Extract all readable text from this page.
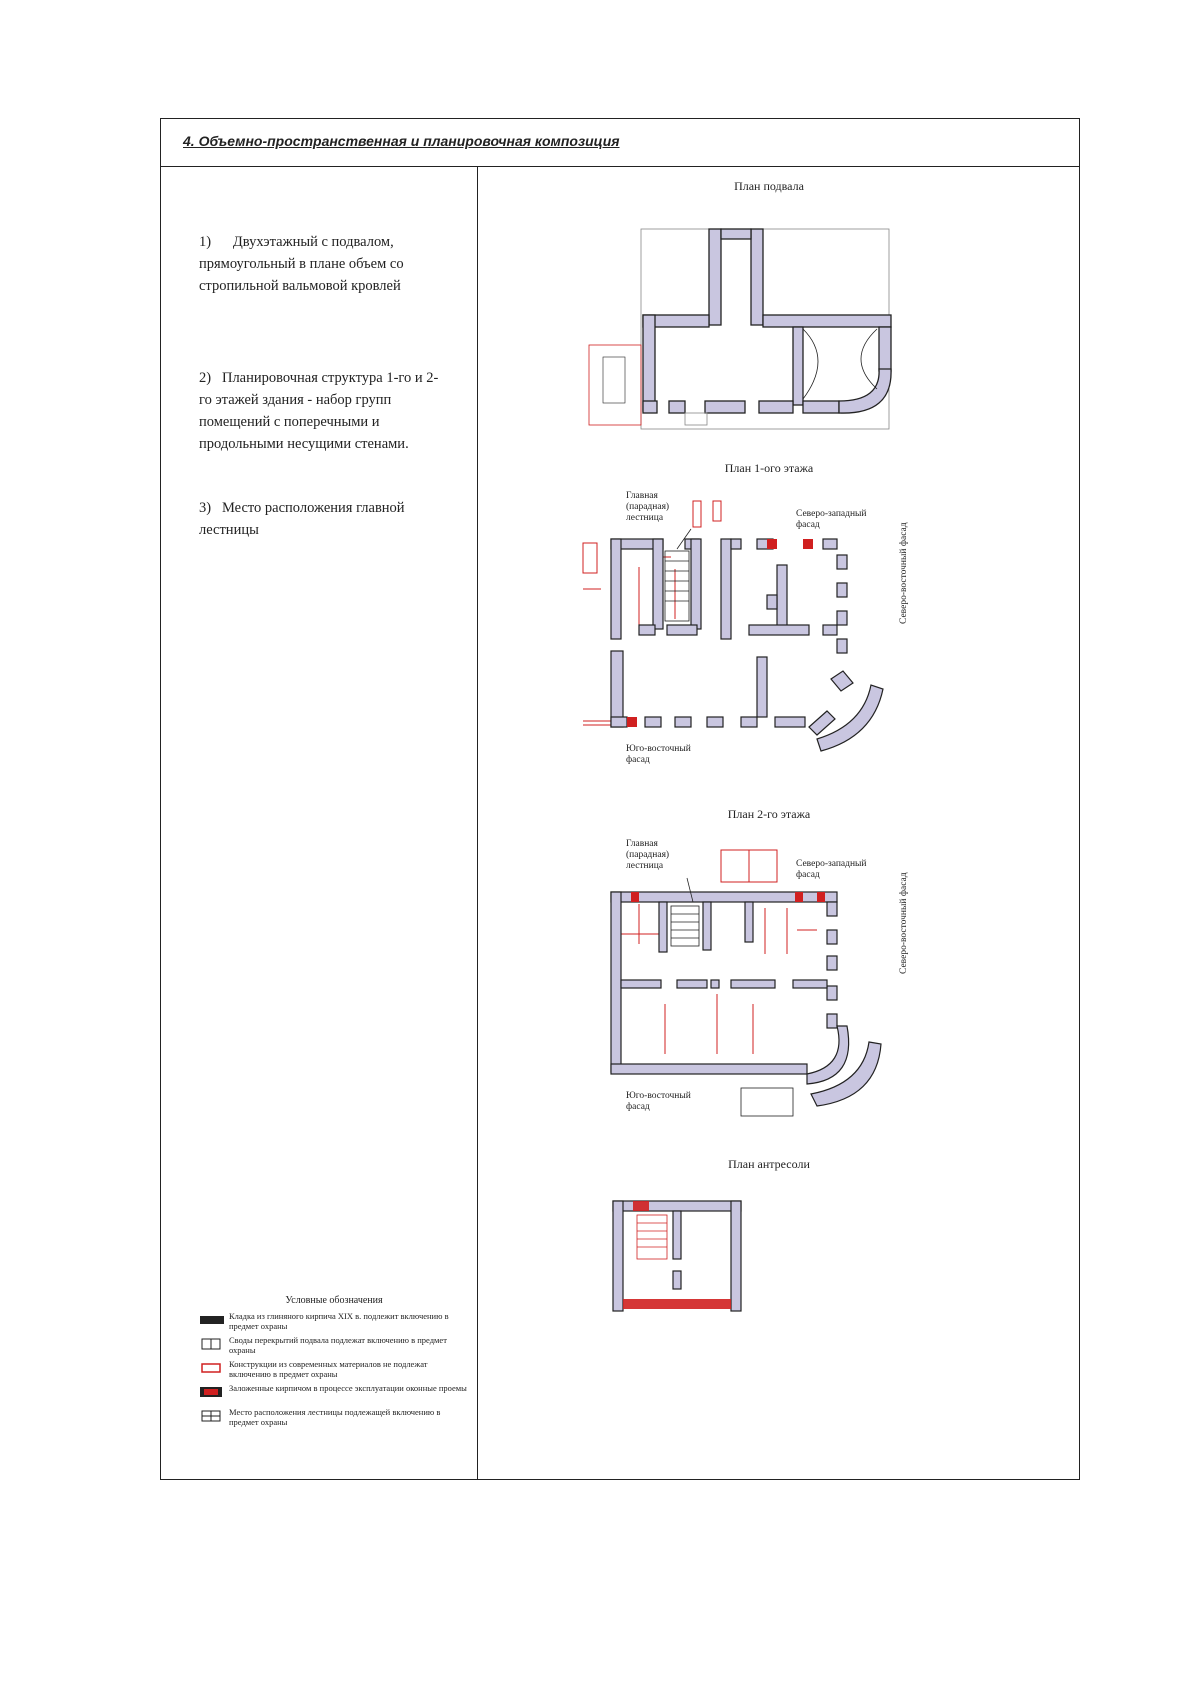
4. Объемно-пространственная и планировочная композиция
1) Двухэтажный с подвалом, прямоугольный в плане объем со стропильной вальмовой кровлей
2) Планировочная структура 1-го и 2-го этажей здания - набор групп помещений с поперечными и продольными несущими стенами.
3) Место расположения главной лестницы
Условные обозначения
Кладка из глиняного кирпича XIX в. подлежит включению в предмет охраны
Своды перекрытий подвала подлежат включению в предмет охраны
Конструкции из современных материалов не подлежат включению в предмет охраны
Заложенные кирпичом в процессе эксплуатации оконные проемы
Место расположения лестницы подлежащей включению в предмет охраны
План подвала
План 1-ого этажа
Главная (парадная) лестница	Северо-западный фасад	Северо-восточный фасад
Юго-восточный фасад
План 2-го этажа
Главная (парадная) лестница	Северо-западный фасад	Северо-восточный фасад
Юго-восточный фасад
План антресоли
